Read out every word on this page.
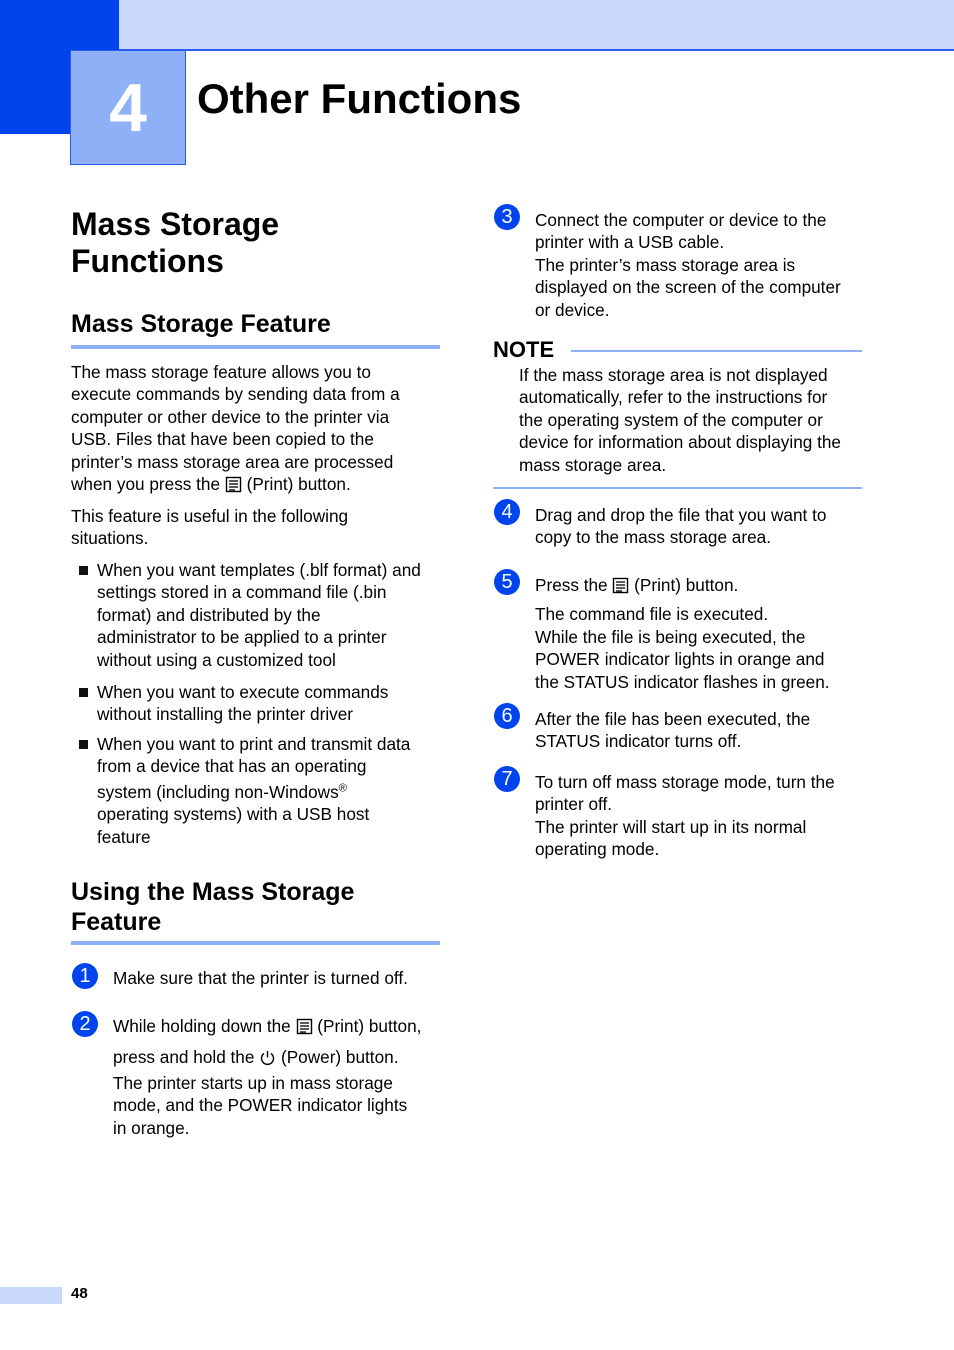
4	Other Functions
Mass Storage
Functions
Mass Storage Feature
The mass storage feature allows you to
execute commands by sending data from a
computer or other device to the printer via
USB. Files that have been copied to the
printer’s mass storage area are processed
when you press the  (Print) button.
This feature is useful in the following
situations.
When you want templates (.blf format) and
settings stored in a command file (.bin
format) and distributed by the
administrator to be applied to a printer
without using a customized tool
When you want to execute commands
without installing the printer driver
When you want to print and transmit data
from a device that has an operating
system (including non-Windows®
operating systems) with a USB host
feature
Using the Mass Storage
Feature
1	Make sure that the printer is turned off.
2	While holding down the  (Print) button,
press and hold the  (Power) button.
The printer starts up in mass storage
mode, and the POWER indicator lights
in orange.
3	Connect the computer or device to the
printer with a USB cable.
The printer’s mass storage area is
displayed on the screen of the computer
or device.
NOTE
If the mass storage area is not displayed
automatically, refer to the instructions for
the operating system of the computer or
device for information about displaying the
mass storage area.
4	Drag and drop the file that you want to
copy to the mass storage area.
5	Press the  (Print) button.
The command file is executed.
While the file is being executed, the
POWER indicator lights in orange and
the STATUS indicator flashes in green.
6	After the file has been executed, the
STATUS indicator turns off.
7	To turn off mass storage mode, turn the
printer off.
The printer will start up in its normal
operating mode.
48
